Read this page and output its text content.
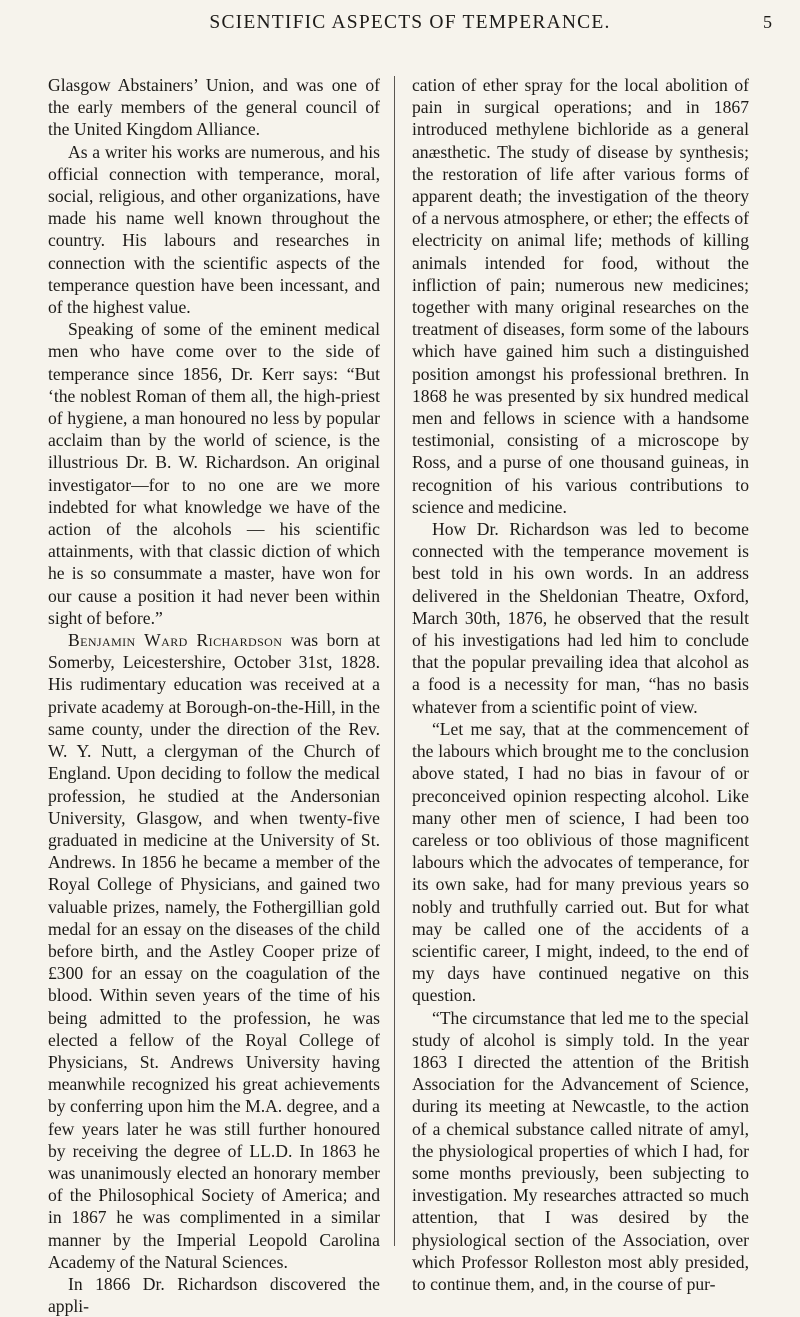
SCIENTIFIC ASPECTS OF TEMPERANCE.	5

Glasgow Abstainers’ Union, and was one of the early members of the general council of the United Kingdom Alliance.

As a writer his works are numerous, and his official connection with temperance, moral, social, religious, and other organizations, have made his name well known throughout the country. His labours and researches in connection with the scientific aspects of the temperance question have been incessant, and of the highest value.

Speaking of some of the eminent medical men who have come over to the side of temperance since 1856, Dr. Kerr says: “But ‘the noblest Roman of them all, the high-priest of hygiene, a man honoured no less by popular acclaim than by the world of science, is the illustrious Dr. B. W. Richardson. An original investigator—for to no one are we more indebted for what knowledge we have of the action of the alcohols — his scientific attainments, with that classic diction of which he is so consummate a master, have won for our cause a position it had never been within sight of before.”

Benjamin Ward Richardson was born at Somerby, Leicestershire, October 31st, 1828. His rudimentary education was received at a private academy at Borough-on-the-Hill, in the same county, under the direction of the Rev. W. Y. Nutt, a clergyman of the Church of England. Upon deciding to follow the medical profession, he studied at the Andersonian University, Glasgow, and when twenty-five graduated in medicine at the University of St. Andrews. In 1856 he became a member of the Royal College of Physicians, and gained two valuable prizes, namely, the Fothergillian gold medal for an essay on the diseases of the child before birth, and the Astley Cooper prize of £300 for an essay on the coagulation of the blood. Within seven years of the time of his being admitted to the profession, he was elected a fellow of the Royal College of Physicians, St. Andrews University having meanwhile recognized his great achievements by conferring upon him the M.A. degree, and a few years later he was still further honoured by receiving the degree of LL.D. In 1863 he was unanimously elected an honorary member of the Philosophical Society of America; and in 1867 he was complimented in a similar manner by the Imperial Leopold Carolina Academy of the Natural Sciences.

In 1866 Dr. Richardson discovered the appli-

cation of ether spray for the local abolition of pain in surgical operations; and in 1867 introduced methylene bichloride as a general anæsthetic. The study of disease by synthesis; the restoration of life after various forms of apparent death; the investigation of the theory of a nervous atmosphere, or ether; the effects of electricity on animal life; methods of killing animals intended for food, without the infliction of pain; numerous new medicines; together with many original researches on the treatment of diseases, form some of the labours which have gained him such a distinguished position amongst his professional brethren. In 1868 he was presented by six hundred medical men and fellows in science with a handsome testimonial, consisting of a microscope by Ross, and a purse of one thousand guineas, in recognition of his various contributions to science and medicine.

How Dr. Richardson was led to become connected with the temperance movement is best told in his own words. In an address delivered in the Sheldonian Theatre, Oxford, March 30th, 1876, he observed that the result of his investigations had led him to conclude that the popular prevailing idea that alcohol as a food is a necessity for man, “has no basis whatever from a scientific point of view.

“Let me say, that at the commencement of the labours which brought me to the conclusion above stated, I had no bias in favour of or preconceived opinion respecting alcohol. Like many other men of science, I had been too careless or too oblivious of those magnificent labours which the advocates of temperance, for its own sake, had for many previous years so nobly and truthfully carried out. But for what may be called one of the accidents of a scientific career, I might, indeed, to the end of my days have continued negative on this question.

“The circumstance that led me to the special study of alcohol is simply told. In the year 1863 I directed the attention of the British Association for the Advancement of Science, during its meeting at Newcastle, to the action of a chemical substance called nitrate of amyl, the physiological properties of which I had, for some months previously, been subjecting to investigation. My researches attracted so much attention, that I was desired by the physiological section of the Association, over which Professor Rolleston most ably presided, to continue them, and, in the course of pur-
